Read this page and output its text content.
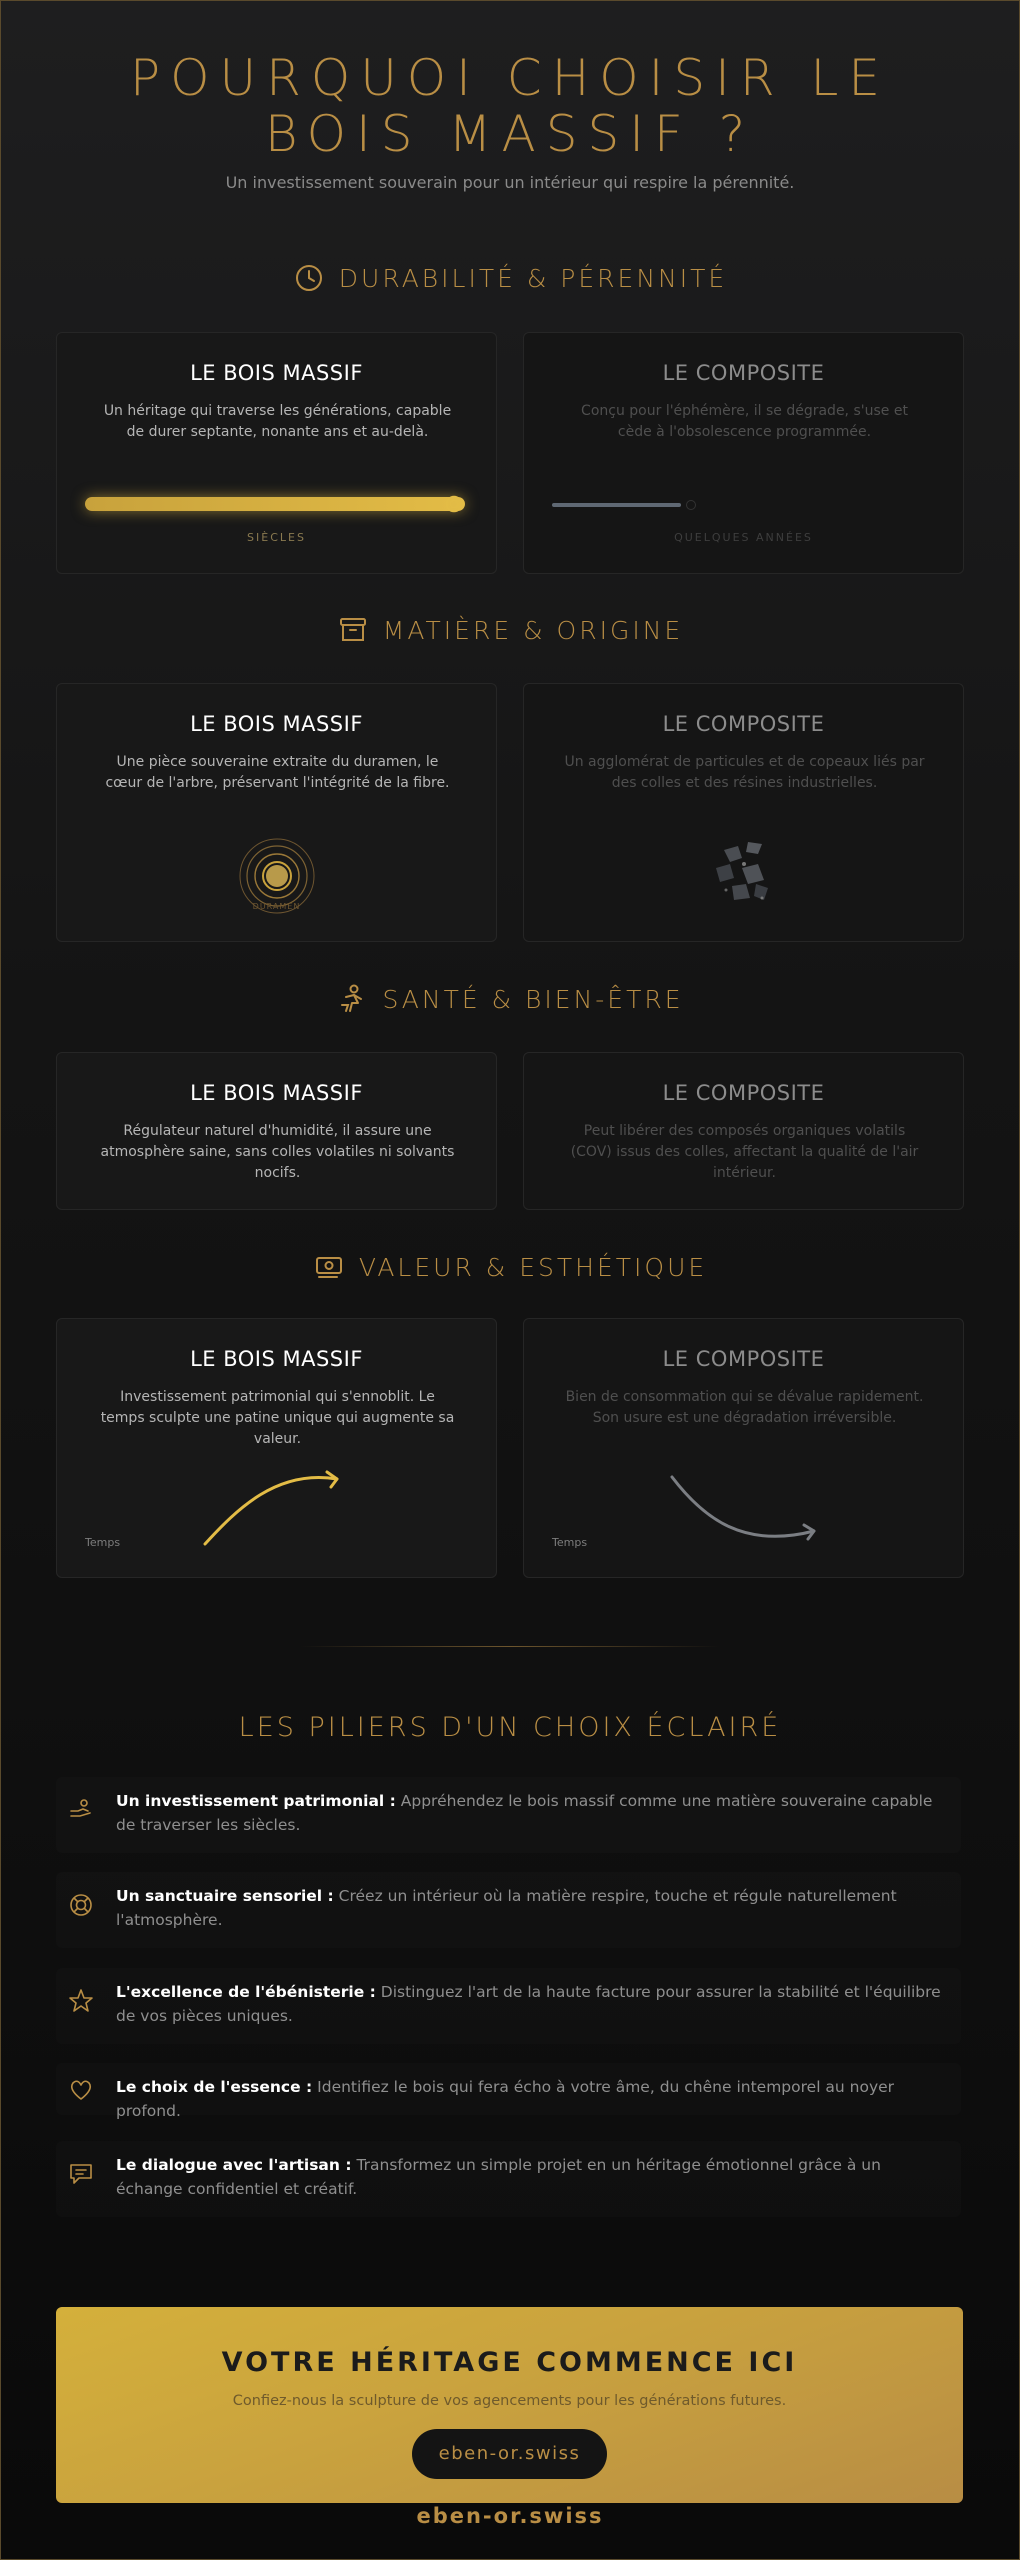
POURQUOI CHOISIR LE
BOIS MASSIF ?

Un investissement souverain pour un intérieur qui respire la pérennité.

DURABILITÉ & PÉRENNITÉ
LE BOIS MASSIF
Un héritage qui traverse les générations, capable de durer septante, nonante ans et au-delà.
SIÈCLES
LE COMPOSITE
Conçu pour l'éphémère, il se dégrade, s'use et cède à l'obsolescence programmée.
QUELQUES ANNÉES
MATIÈRE & ORIGINE
LE BOIS MASSIF
Une pièce souveraine extraite du duramen, le cœur de l'arbre, préservant l'intégrité de la fibre.
DURAMEN
LE COMPOSITE
Un agglomérat de particules et de copeaux liés par des colles et des résines industrielles.
SANTÉ & BIEN-ÊTRE
LE BOIS MASSIF
Régulateur naturel d'humidité, il assure une atmosphère saine, sans colles volatiles ni solvants nocifs.
LE COMPOSITE
Peut libérer des composés organiques volatils (COV) issus des colles, affectant la qualité de l'air intérieur.
VALEUR & ESTHÉTIQUE
LE BOIS MASSIF
Investissement patrimonial qui s'ennoblit. Le temps sculpte une patine unique qui augmente sa valeur.
Temps
LE COMPOSITE
Bien de consommation qui se dévalue rapidement. Son usure est une dégradation irréversible.
Temps
LES PILIERS D'UN CHOIX ÉCLAIRÉ
Un investissement patrimonial : Appréhendez le bois massif comme une matière souveraine capable de traverser les siècles.
Un sanctuaire sensoriel : Créez un intérieur où la matière respire, touche et régule naturellement l'atmosphère.
L'excellence de l'ébénisterie : Distinguez l'art de la haute facture pour assurer la stabilité et l'équilibre de vos pièces uniques.
Le choix de l'essence : Identifiez le bois qui fera écho à votre âme, du chêne intemporel au noyer profond.
Le dialogue avec l'artisan : Transformez un simple projet en un héritage émotionnel grâce à un échange confidentiel et créatif.
VOTRE HÉRITAGE COMMENCE ICI

Confiez-nous la sculpture de vos agencements pour les générations futures.

eben-or.swiss
eben-or.swiss
